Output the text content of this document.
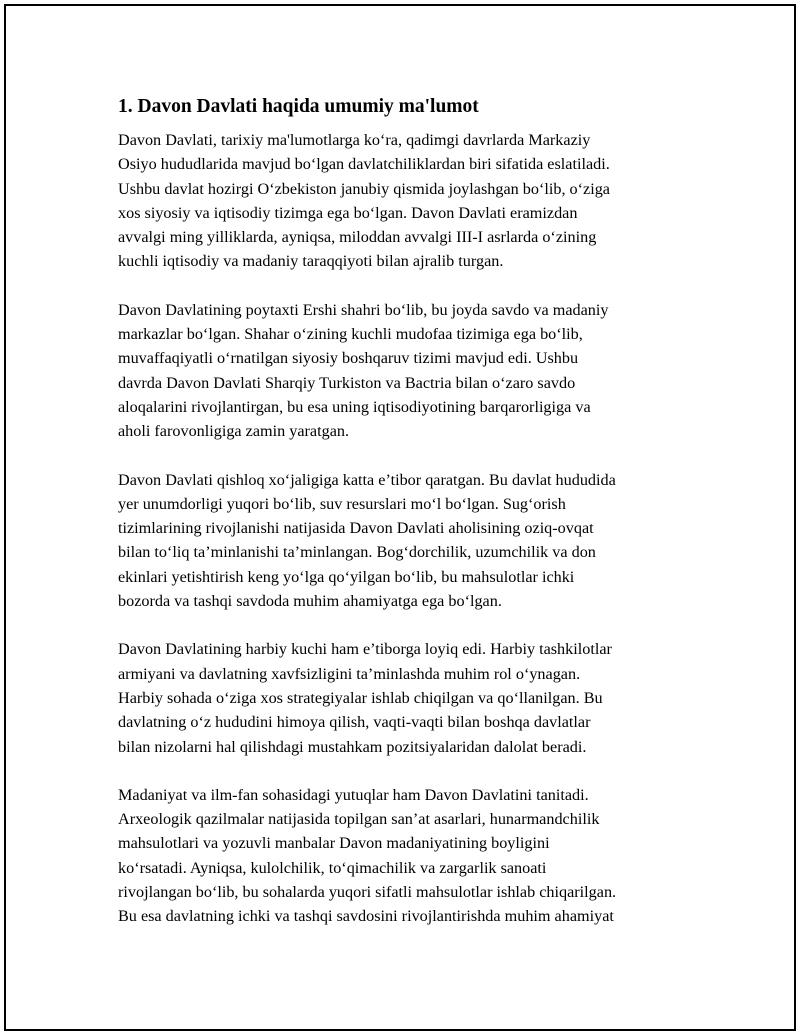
1. Davon Davlati haqida umumiy ma'lumot

Davon Davlati, tarixiy ma'lumotlarga ko‘ra, qadimgi davrlarda Markaziy
Osiyo hududlarida mavjud bo‘lgan davlatchiliklardan biri sifatida eslatiladi.
Ushbu davlat hozirgi O‘zbekiston janubiy qismida joylashgan bo‘lib, o‘ziga
xos siyosiy va iqtisodiy tizimga ega bo‘lgan. Davon Davlati eramizdan
avvalgi ming yilliklarda, ayniqsa, miloddan avvalgi III-I asrlarda o‘zining
kuchli iqtisodiy va madaniy taraqqiyoti bilan ajralib turgan.

Davon Davlatining poytaxti Ershi shahri bo‘lib, bu joyda savdo va madaniy
markazlar bo‘lgan. Shahar o‘zining kuchli mudofaa tizimiga ega bo‘lib,
muvaffaqiyatli o‘rnatilgan siyosiy boshqaruv tizimi mavjud edi. Ushbu
davrda Davon Davlati Sharqiy Turkiston va Bactria bilan o‘zaro savdo
aloqalarini rivojlantirgan, bu esa uning iqtisodiyotining barqarorligiga va
aholi farovonligiga zamin yaratgan.

Davon Davlati qishloq xo‘jaligiga katta e’tibor qaratgan. Bu davlat hududida
yer unumdorligi yuqori bo‘lib, suv resurslari mo‘l bo‘lgan. Sug‘orish
tizimlarining rivojlanishi natijasida Davon Davlati aholisining oziq-ovqat
bilan to‘liq ta’minlanishi ta’minlangan. Bog‘dorchilik, uzumchilik va don
ekinlari yetishtirish keng yo‘lga qo‘yilgan bo‘lib, bu mahsulotlar ichki
bozorda va tashqi savdoda muhim ahamiyatga ega bo‘lgan.

Davon Davlatining harbiy kuchi ham e’tiborga loyiq edi. Harbiy tashkilotlar
armiyani va davlatning xavfsizligini ta’minlashda muhim rol o‘ynagan.
Harbiy sohada o‘ziga xos strategiyalar ishlab chiqilgan va qo‘llanilgan. Bu
davlatning o‘z hududini himoya qilish, vaqti-vaqti bilan boshqa davlatlar
bilan nizolarni hal qilishdagi mustahkam pozitsiyalaridan dalolat beradi.

Madaniyat va ilm-fan sohasidagi yutuqlar ham Davon Davlatini tanitadi.
Arxeologik qazilmalar natijasida topilgan san’at asarlari, hunarmandchilik
mahsulotlari va yozuvli manbalar Davon madaniyatining boyligini
ko‘rsatadi. Ayniqsa, kulolchilik, to‘qimachilik va zargarlik sanoati
rivojlangan bo‘lib, bu sohalarda yuqori sifatli mahsulotlar ishlab chiqarilgan.
Bu esa davlatning ichki va tashqi savdosini rivojlantirishda muhim ahamiyat
